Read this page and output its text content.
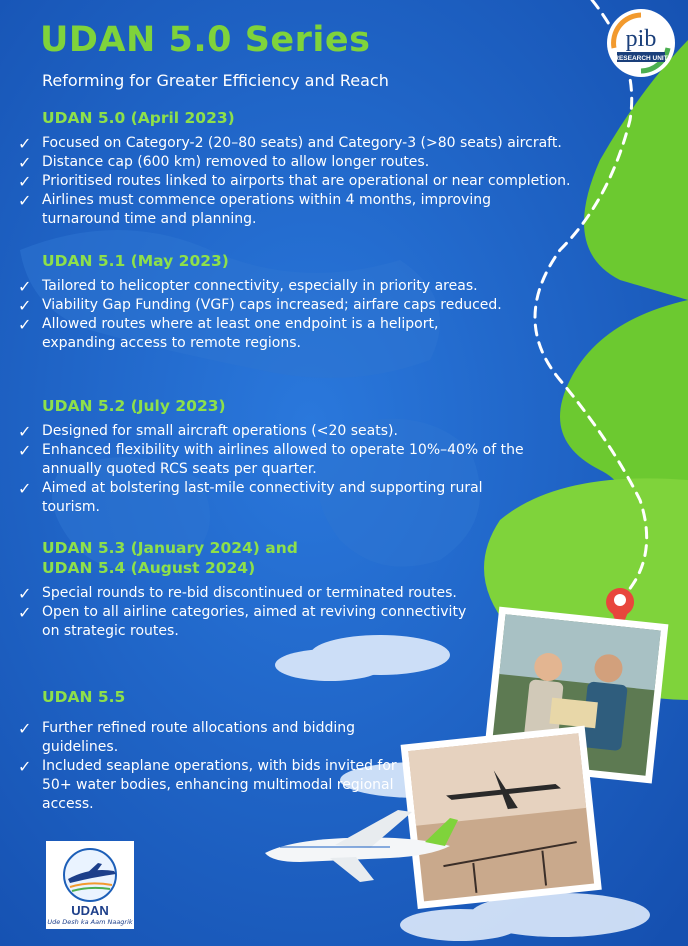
UDAN 5.0 Series

Reforming for Greater Efficiency and Reach

pib
RESEARCH UNIT
UDAN 5.0 (April 2023)
✓ Focused on Category-2 (20–80 seats) and Category-3 (>80 seats) aircraft.
✓ Distance cap (600 km) removed to allow longer routes.
✓ Prioritised routes linked to airports that are operational or near completion.
✓ Airlines must commence operations within 4 months, improving turnaround time and planning.
UDAN 5.1 (May 2023)
✓ Tailored to helicopter connectivity, especially in priority areas.
✓ Viability Gap Funding (VGF) caps increased; airfare caps reduced.
✓ Allowed routes where at least one endpoint is a heliport, expanding access to remote regions.
UDAN 5.2 (July 2023)
✓ Designed for small aircraft operations (<20 seats).
✓ Enhanced flexibility with airlines allowed to operate 10%–40% of the annually quoted RCS seats per quarter.
✓ Aimed at bolstering last-mile connectivity and supporting rural tourism.
UDAN 5.3 (January 2024) and
UDAN 5.4 (August 2024)
✓ Special rounds to re-bid discontinued or terminated routes.
✓ Open to all airline categories, aimed at reviving connectivity on strategic routes.
UDAN 5.5
✓ Further refined route allocations and bidding guidelines.
✓ Included seaplane operations, with bids invited for 50+ water bodies, enhancing multimodal regional access.
UDAN
Ude Desh ka Aam Naagrik
